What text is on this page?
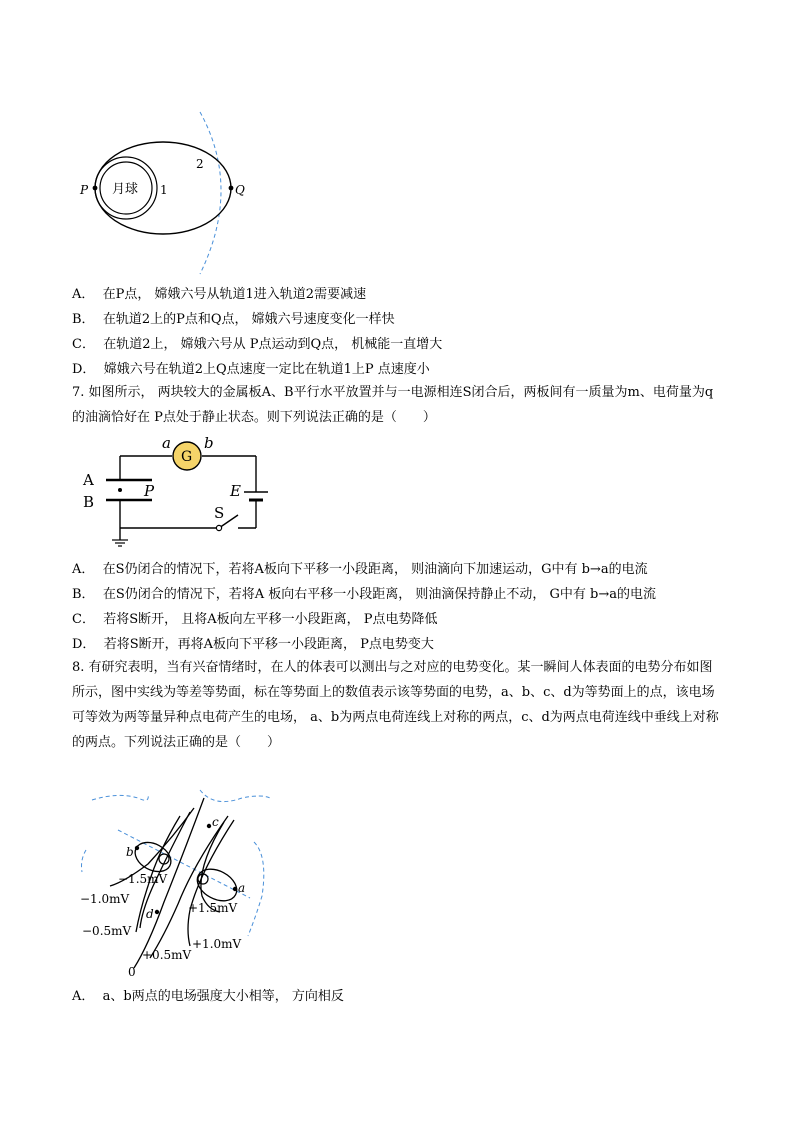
月球 1
2
P	Q
A． 在P点， 嫦娥六号从轨道1进入轨道2需要减速
B． 在轨道2上的P点和Q点， 嫦娥六号速度变化一样快
C． 在轨道2上， 嫦娥六号从 P点运动到Q点， 机械能一直增大
D． 嫦娥六号在轨道2上Q点速度一定比在轨道1上P 点速度小
7. 如图所示， 两块较大的金属板A、B平行水平放置并与一电源相连S闭合后，两板间有一质量为m、电荷量为q的油滴恰好在 P点处于静止状态。则下列说法正确的是（　　）
G
a b
A
B
P	E
S
A． 在S仍闭合的情况下，若将A板向下平移一小段距离， 则油滴向下加速运动，G中有 b→a的电流
B． 在S仍闭合的情况下，若将A 板向右平移一小段距离， 则油滴保持静止不动， G中有 b→a的电流
C． 若将S断开， 且将A板向左平移一小段距离， P点电势降低
D． 若将S断开，再将A板向下平移一小段距离， P点电势变大
8. 有研究表明，当有兴奋情绪时，在人的体表可以测出与之对应的电势变化。某一瞬间人体表面的电势分布如图所示，图中实线为等差等势面，标在等势面上的数值表示该等势面的电势，a、b、c、d为等势面上的点，该电场可等效为两等量异种点电荷产生的电场， a、b为两点电荷连线上对称的两点，c、d为两点电荷连线中垂线上对称的两点。下列说法正确的是（　　）
a
b
c
d
−1.5mV
−1.0mV
−0.5mV
+1.5mV
+1.0mV
+0.5mV
0
A． a、b两点的电场强度大小相等， 方向相反
